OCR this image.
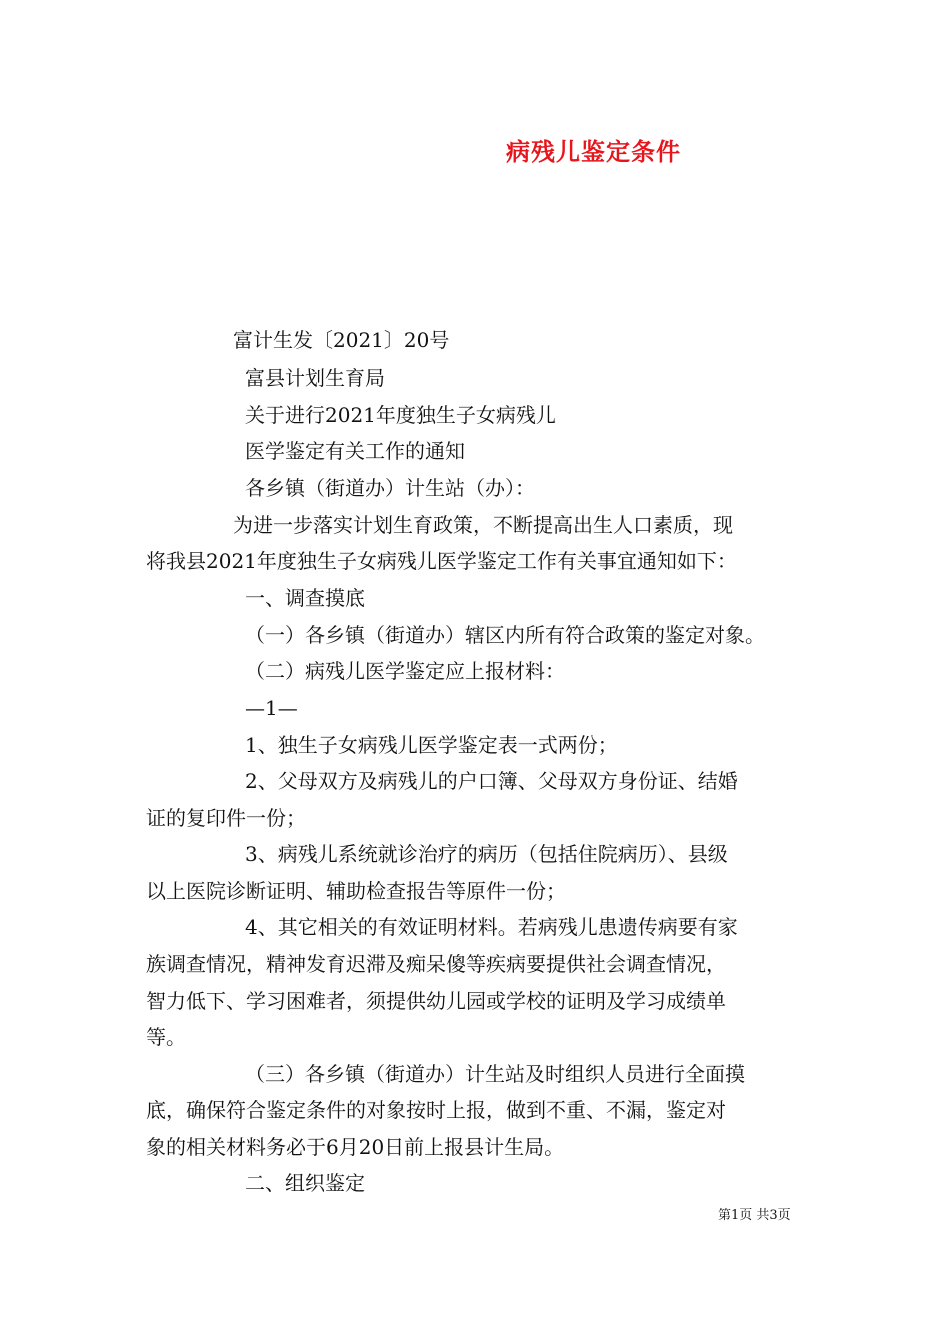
病残儿鉴定条件
富计生发〔2021〕20号
富县计划生育局
关于进行2021年度独生子女病残儿
医学鉴定有关工作的通知
各乡镇（街道办）计生站（办）：
为进一步落实计划生育政策，不断提高出生人口素质，现
将我县2021年度独生子女病残儿医学鉴定工作有关事宜通知如下：
一、调查摸底
（一）各乡镇（街道办）辖区内所有符合政策的鉴定对象。
（二）病残儿医学鉴定应上报材料：
—1—
1、独生子女病残儿医学鉴定表一式两份；
2、父母双方及病残儿的户口簿、父母双方身份证、结婚
证的复印件一份；
3、病残儿系统就诊治疗的病历（包括住院病历）、县级
以上医院诊断证明、辅助检查报告等原件一份；
4、其它相关的有效证明材料。若病残儿患遗传病要有家
族调查情况，精神发育迟滞及痴呆傻等疾病要提供社会调查情况，
智力低下、学习困难者，须提供幼儿园或学校的证明及学习成绩单
等。
（三）各乡镇（街道办）计生站及时组织人员进行全面摸
底，确保符合鉴定条件的对象按时上报，做到不重、不漏，鉴定对
象的相关材料务必于6月20日前上报县计生局。
二、组织鉴定
第1页 共3页
